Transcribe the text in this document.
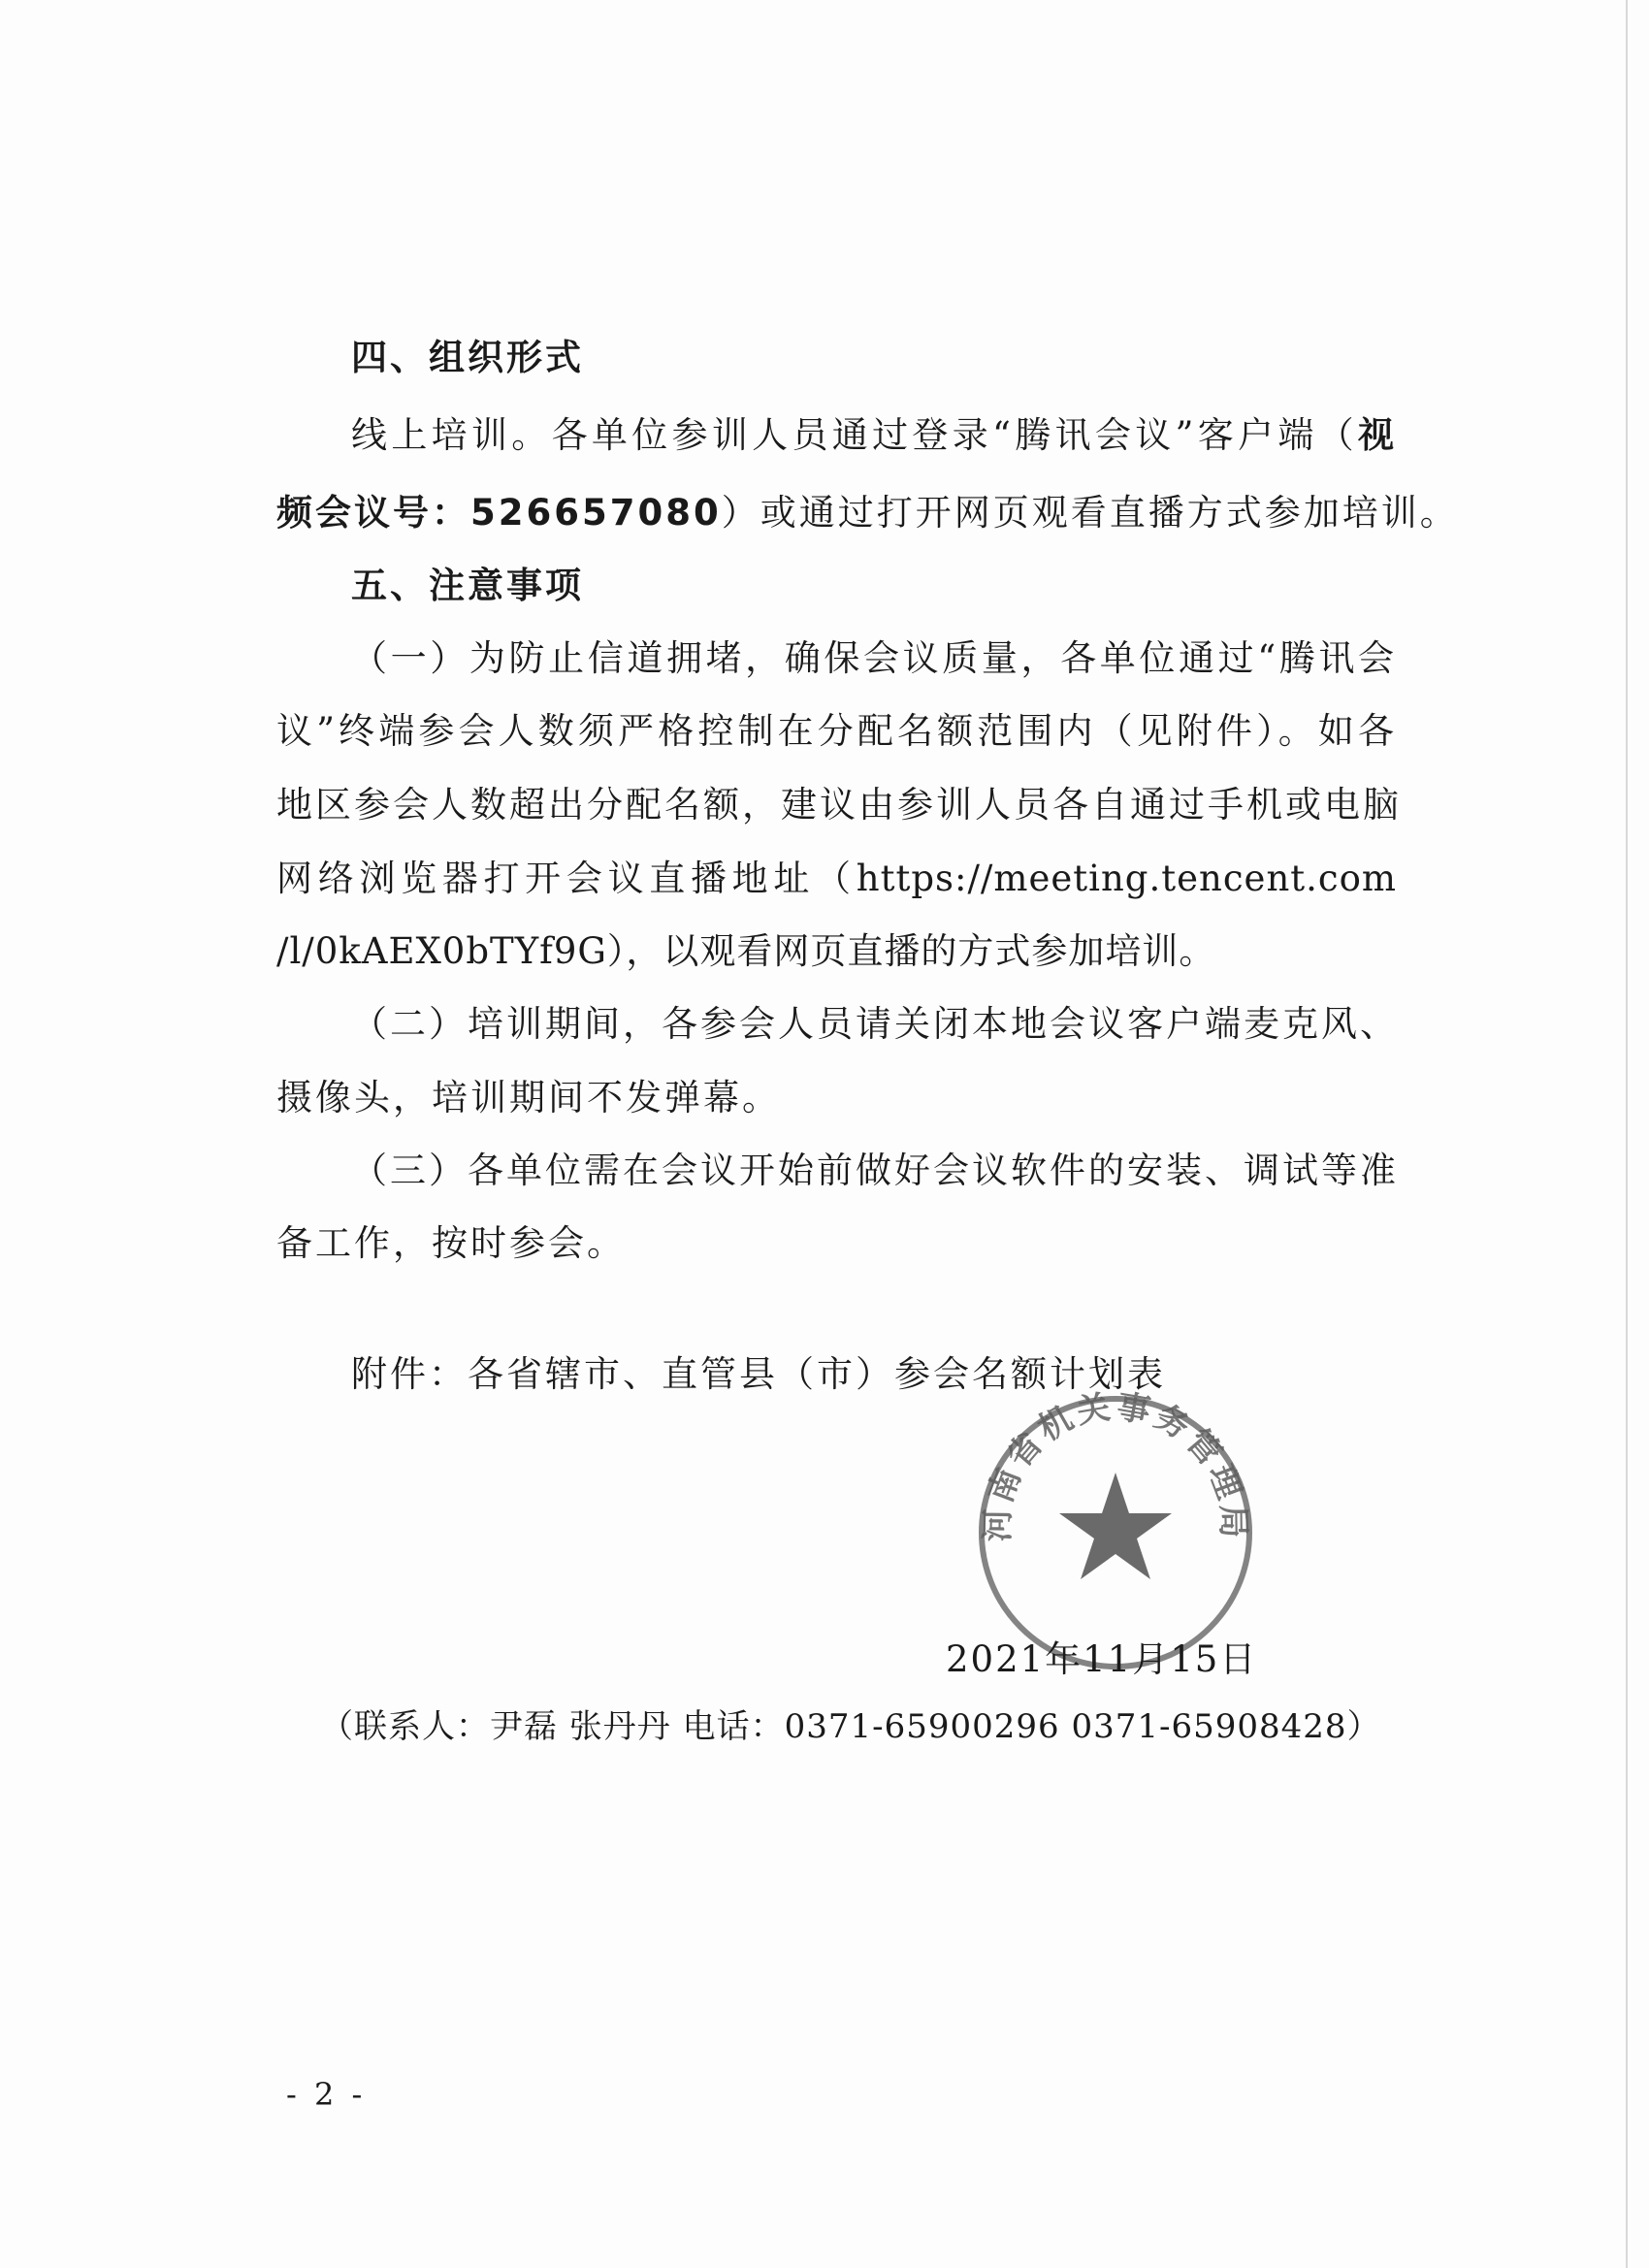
四、组织形式
线上培训。各单位参训人员通过登录“腾讯会议”客户端（视
频会议号：526657080）或通过打开网页观看直播方式参加培训。
五、注意事项
（一）为防止信道拥堵，确保会议质量，各单位通过“腾讯会
议”终端参会人数须严格控制在分配名额范围内（见附件）。如各
地区参会人数超出分配名额，建议由参训人员各自通过手机或电脑
网络浏览器打开会议直播地址（https://meeting.tencent.com
/l/0kAEX0bTYf9G），以观看网页直播的方式参加培训。
（二）培训期间，各参会人员请关闭本地会议客户端麦克风、
摄像头，培训期间不发弹幕。
（三）各单位需在会议开始前做好会议软件的安装、调试等准
备工作，按时参会。
附件：各省辖市、直管县（市）参会名额计划表
河南省机关事务管理局
2021年11月15日
（联系人：尹磊 张丹丹 电话：0371-65900296 0371-65908428）
- 2 -
